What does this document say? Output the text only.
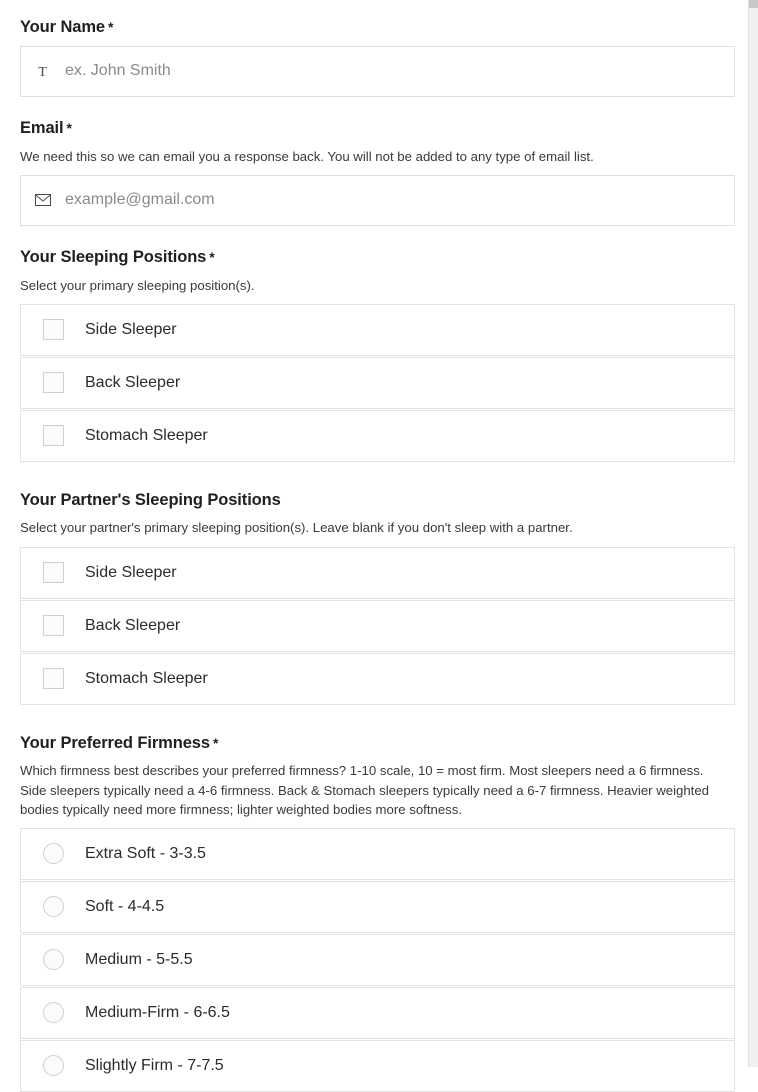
Your Name *
T
ex. John Smith
Email *
We need this so we can email you a response back. You will not be added to any type of email list.
example@gmail.com
Your Sleeping Positions *
Select your primary sleeping position(s).
Side Sleeper
Back Sleeper
Stomach Sleeper
Your Partner's Sleeping Positions
Select your partner's primary sleeping position(s). Leave blank if you don't sleep with a partner.
Side Sleeper
Back Sleeper
Stomach Sleeper
Your Preferred Firmness *
Which firmness best describes your preferred firmness? 1-10 scale, 10 = most firm. Most sleepers need a 6 firmness. Side sleepers typically need a 4-6 firmness. Back & Stomach sleepers typically need a 6-7 firmness. Heavier weighted bodies typically need more firmness; lighter weighted bodies more softness.
Extra Soft - 3-3.5
Soft - 4-4.5
Medium - 5-5.5
Medium-Firm - 6-6.5
Slightly Firm - 7-7.5
